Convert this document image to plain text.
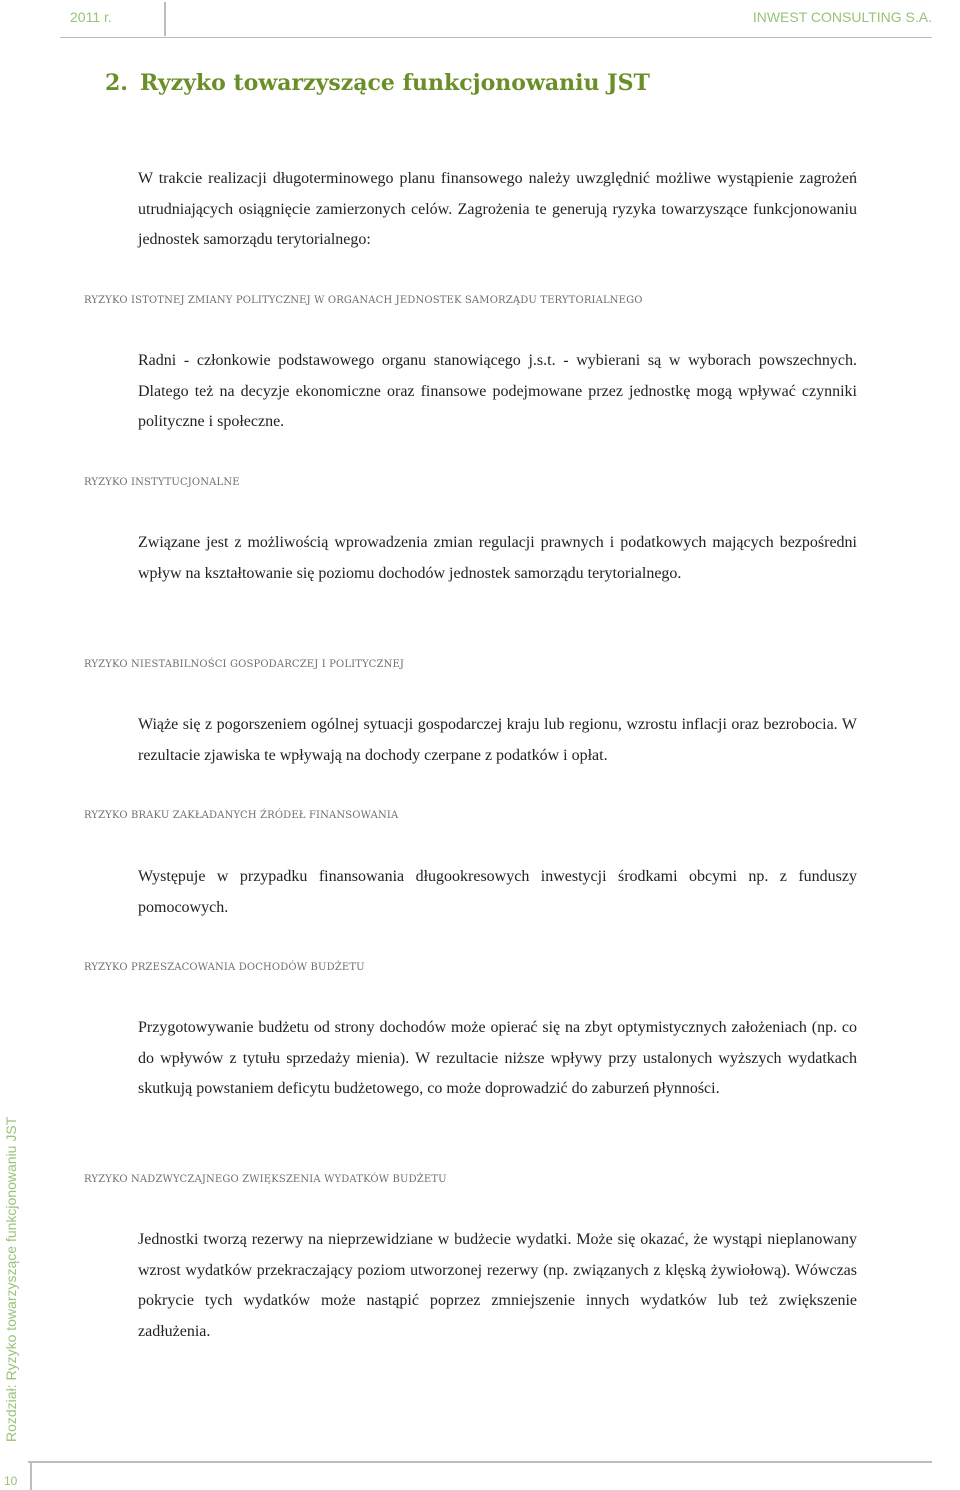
2011 r.	INWEST CONSULTING S.A.
2. Ryzyko towarzyszące funkcjonowaniu JST

W trakcie realizacji długoterminowego planu finansowego należy uwzględnić możliwe wystąpienie zagrożeń utrudniających osiągnięcie zamierzonych celów. Zagrożenia te generują ryzyka towarzyszące funkcjonowaniu jednostek samorządu terytorialnego:

RYZYKO ISTOTNEJ ZMIANY POLITYCZNEJ W ORGANACH JEDNOSTEK SAMORZĄDU TERYTORIALNEGO

Radni - członkowie podstawowego organu stanowiącego j.s.t. - wybierani są w wyborach powszechnych. Dlatego też na decyzje ekonomiczne oraz finansowe podejmowane przez jednostkę mogą wpływać czynniki polityczne i społeczne.

RYZYKO INSTYTUCJONALNE

Związane jest z możliwością wprowadzenia zmian regulacji prawnych i podatkowych mających bezpośredni wpływ na kształtowanie się poziomu dochodów jednostek samorządu terytorialnego.

RYZYKO NIESTABILNOŚCI GOSPODARCZEJ I POLITYCZNEJ

Wiąże się z pogorszeniem ogólnej sytuacji gospodarczej kraju lub regionu, wzrostu inflacji oraz bezrobocia. W rezultacie zjawiska te wpływają na dochody czerpane z podatków i opłat.

RYZYKO BRAKU ZAKŁADANYCH ŹRÓDEŁ FINANSOWANIA

Występuje w przypadku finansowania długookresowych inwestycji środkami obcymi np. z funduszy pomocowych.

RYZYKO PRZESZACOWANIA DOCHODÓW BUDŻETU

Przygotowywanie budżetu od strony dochodów może opierać się na zbyt optymistycznych założeniach (np. co do wpływów z tytułu sprzedaży mienia). W rezultacie niższe wpływy przy ustalonych wyższych wydatkach skutkują powstaniem deficytu budżetowego, co może doprowadzić do zaburzeń płynności.

RYZYKO NADZWYCZAJNEGO ZWIĘKSZENIA WYDATKÓW BUDŻETU

Jednostki tworzą rezerwy na nieprzewidziane w budżecie wydatki. Może się okazać, że wystąpi nieplanowany wzrost wydatków przekraczający poziom utworzonej rezerwy (np. związanych z klęską żywiołową). Wówczas pokrycie tych wydatków może nastąpić poprzez zmniejszenie innych wydatków lub też zwiększenie zadłużenia.

Rozdział: Ryzyko towarzyszące funkcjonowaniu JST
10
